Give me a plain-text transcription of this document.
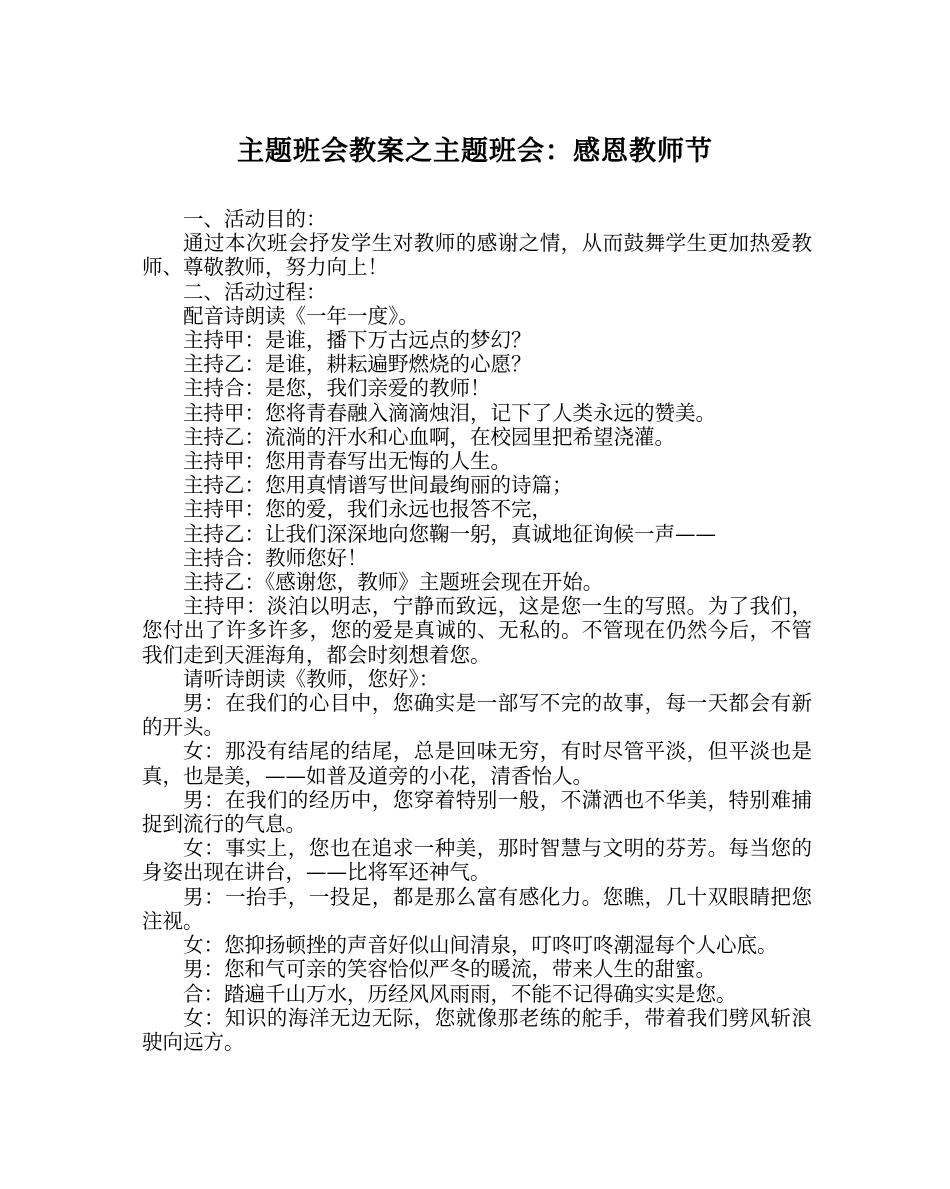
主题班会教案之主题班会：感恩教师节

一、活动目的：

通过本次班会抒发学生对教师的感谢之情，从而鼓舞学生更加热爱教师、尊敬教师，努力向上！

二、活动过程：

配音诗朗读《一年一度》。

主持甲：是谁，播下万古远点的梦幻？

主持乙：是谁，耕耘遍野燃烧的心愿？

主持合：是您，我们亲爱的教师！

主持甲：您将青春融入滴滴烛泪，记下了人类永远的赞美。

主持乙：流淌的汗水和心血啊，在校园里把希望浇灌。

主持甲：您用青春写出无悔的人生。

主持乙：您用真情谱写世间最绚丽的诗篇；

主持甲：您的爱，我们永远也报答不完，

主持乙：让我们深深地向您鞠一躬，真诚地征询候一声——

主持合：教师您好！

主持乙：《感谢您，教师》主题班会现在开始。

主持甲：淡泊以明志，宁静而致远，这是您一生的写照。为了我们，您付出了许多许多，您的爱是真诚的、无私的。不管现在仍然今后，不管我们走到天涯海角，都会时刻想着您。

请听诗朗读《教师，您好》：

男：在我们的心目中，您确实是一部写不完的故事，每一天都会有新的开头。

女：那没有结尾的结尾，总是回味无穷，有时尽管平淡，但平淡也是真，也是美，——如普及道旁的小花，清香怡人。

男：在我们的经历中，您穿着特别一般，不潇洒也不华美，特别难捕捉到流行的气息。

女：事实上，您也在追求一种美，那时智慧与文明的芬芳。每当您的身姿出现在讲台，——比将军还神气。

男：一抬手，一投足，都是那么富有感化力。您瞧，几十双眼睛把您注视。

女：您抑扬顿挫的声音好似山间清泉，叮咚叮咚潮湿每个人心底。

男：您和气可亲的笑容恰似严冬的暖流，带来人生的甜蜜。

合：踏遍千山万水，历经风风雨雨，不能不记得确实实是您。

女：知识的海洋无边无际，您就像那老练的舵手，带着我们劈风斩浪驶向远方。
